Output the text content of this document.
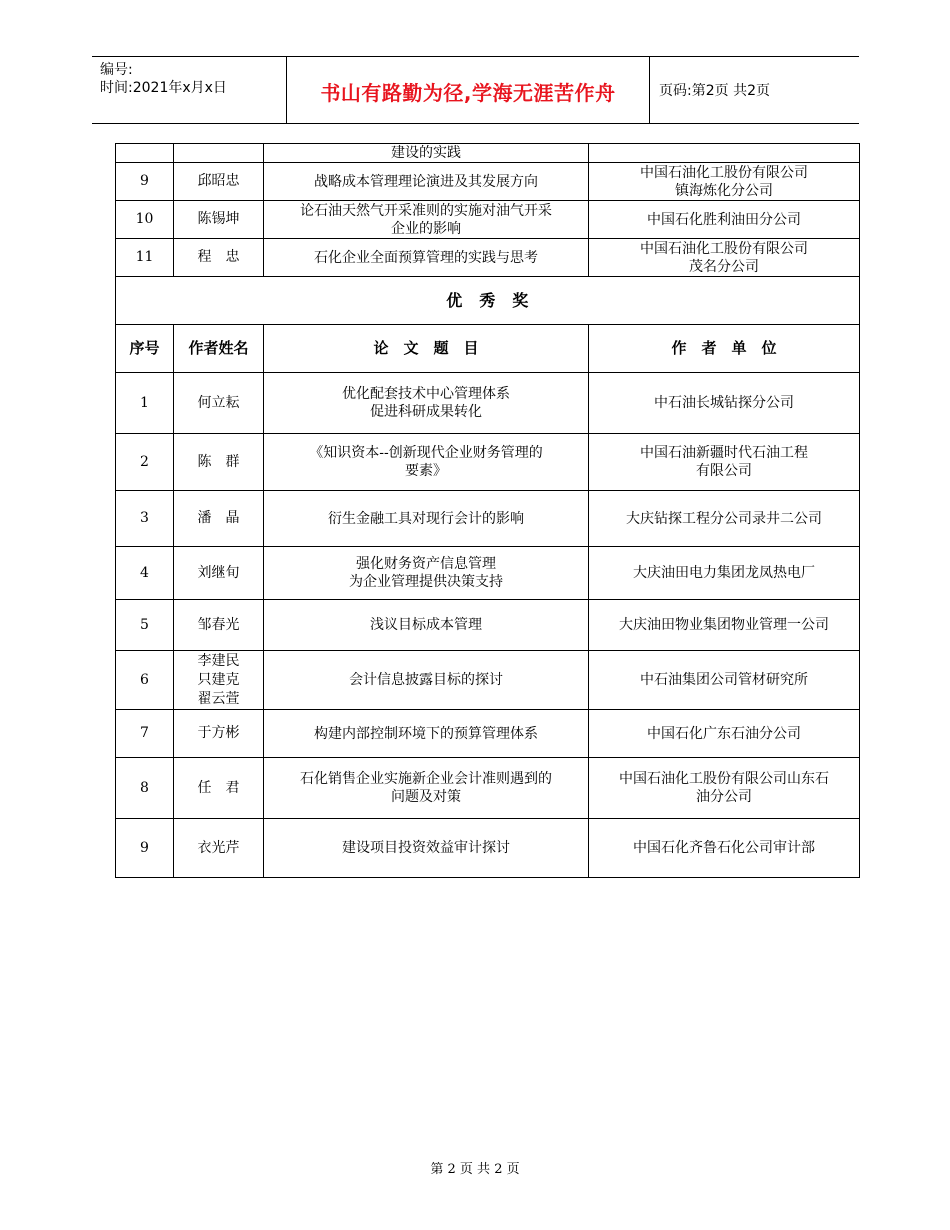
编号:
时间:2021年x月x日	书山有路勤为径,学海无涯苦作舟	页码:第2页 共2页
		建设的实践	
9	邱昭忠	战略成本管理理论演进及其发展方向	中国石油化工股份有限公司
镇海炼化分公司
10	陈锡坤	论石油天然气开采准则的实施对油气开采
企业的影响	中国石化胜利油田分公司
11	程　忠	石化企业全面预算管理的实践与思考	中国石油化工股份有限公司
茂名分公司
优　秀　奖			
序号	作者姓名	论　文　题　目	作　者　单　位
1	何立耘	优化配套技术中心管理体系
促进科研成果转化	中石油长城钻探分公司
2	陈　群	《知识资本--创新现代企业财务管理的
要素》	中国石油新疆时代石油工程
有限公司
3	潘　晶	衍生金融工具对现行会计的影响	大庆钻探工程分公司录井二公司
4	刘继旬	强化财务资产信息管理
为企业管理提供决策支持	大庆油田电力集团龙凤热电厂
5	邹春光	浅议目标成本管理	大庆油田物业集团物业管理一公司
6	李建民
只建克
翟云萱	会计信息披露目标的探讨	中石油集团公司管材研究所
7	于方彬	构建内部控制环境下的预算管理体系	中国石化广东石油分公司
8	任　君	石化销售企业实施新企业会计准则遇到的
问题及对策	中国石油化工股份有限公司山东石
油分公司
9	衣光芹	建设项目投资效益审计探讨	中国石化齐鲁石化公司审计部
第 2 页 共 2 页
